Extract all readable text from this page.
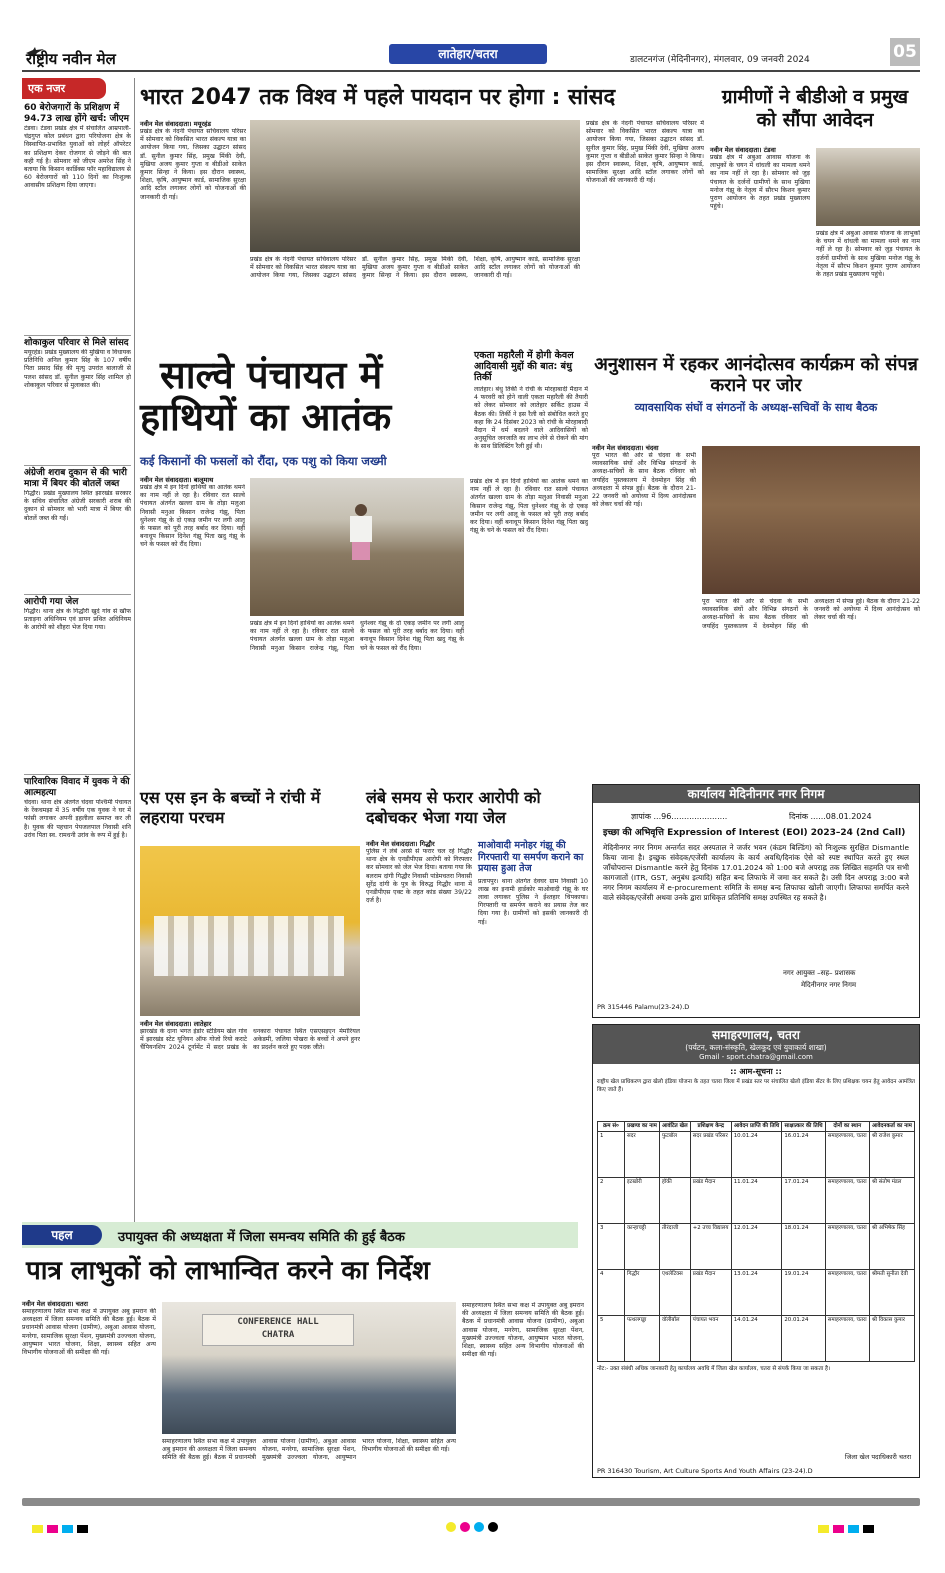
राष्ट्रीय नवीन मेल	लातेहार/चतरा	डालटनगंज (मेदिनीनगर), मंगलवार, 09 जनवरी 2024	05
एक नजर
60 बेरोजगारों के प्रशिक्षण में 94.73 लाख होंगे खर्च: जीएम
टंडवा। टंडवा प्रखंड क्षेत्र में संचालित आम्रपाली-चंद्रगुप्त कोल प्रबंधन द्वारा परियोजना क्षेत्र के विस्थापित-प्रभावित युवाओं को लोहर्र ऑपरेटर का प्रशिक्षण देकर रोजगार से जोड़ने की बात कही गई है। सोमवार को जीएम अमरेश सिंह ने बताया कि किसान कार्डिक्स फॉर महाविद्यालय से 60 बेरोजगारों को 110 दिनों का निःशुल्क आवासीय प्रशिक्षण दिया जाएगा।
शोकाकुल परिवार से मिले सांसद
मयूरहंड। प्रखंड मुख्यालय की मुखिया व विधायक प्रतिनिधि अनिल कुमार सिंह के 107 वर्षीय पिता प्रसाद सिंह की मृत्यु उपरांत बालाजी से पलश सांसद डॉ. सुनील कुमार सिंह शामिल हो शोकाकुल परिवार से मुलाकात की।
अंग्रेजी शराब दुकान से की भारी मात्रा में बियर की बोतलें जब्त
गिद्धौर। प्रखंड मुख्यालय स्थित झारखंड सरकार के सचिव संचालित अंग्रेजी सरकारी शराब की दुकान से सोमवार को भारी मात्रा में बियर की बोतलें जब्त की गईं।
आरोपी गया जेल
गिद्धौर। थाना क्षेत्र के गिद्धौरी खुर्द गांव से खौफ प्रताड़ना अधिनियम एवं डायन प्रथित अधिनियम के आरोपी को शौहरा भेज दिया गया।
पारिवारिक विवाद में युवक ने की आत्महत्या
चंदवा। थाना क्षेत्र अंतर्गत चंदवा पश्चिमी पंचायत के रेंकचमझा में 35 वर्षीय एक युवक ने घर में फांसी लगाकर अपनी इहलीला समाप्त कर ली है। युवक की पहचान पेयजलपाल निवासी शनि उरांव पिता स्व. रामधनी उरांव के रूप में हुई है।
भारत 2047 तक विश्व में पहले पायदान पर होगा : सांसद
नवीन मेल संवाददाता। मयूरहंड
प्रखंड क्षेत्र के नंदनी पंचायत सचिवालय परिसर में सोमवार को विकसित भारत संकल्प यात्रा का आयोजन किया गया, जिसका उद्घाटन सांसद डॉ. सुनील कुमार सिंह, प्रमुख मिंकी देवी, मुखिया अजय कुमार गुप्ता व बीडीओ साकेत कुमार सिन्हा ने किया। इस दौरान स्वास्थ्य, शिक्षा, कृषि, आयुष्मान कार्ड, सामाजिक सुरक्षा आदि स्टॉल लगाकर लोगों को योजनाओं की जानकारी दी गई।
प्रखंड क्षेत्र के नंदनी पंचायत सचिवालय परिसर में सोमवार को विकसित भारत संकल्प यात्रा का आयोजन किया गया, जिसका उद्घाटन सांसद डॉ. सुनील कुमार सिंह, प्रमुख मिंकी देवी, मुखिया अजय कुमार गुप्ता व बीडीओ साकेत कुमार सिन्हा ने किया। इस दौरान स्वास्थ्य, शिक्षा, कृषि, आयुष्मान कार्ड, सामाजिक सुरक्षा आदि स्टॉल लगाकर लोगों को योजनाओं की जानकारी दी गई।
प्रखंड क्षेत्र के नंदनी पंचायत सचिवालय परिसर में सोमवार को विकसित भारत संकल्प यात्रा का आयोजन किया गया, जिसका उद्घाटन सांसद डॉ. सुनील कुमार सिंह, प्रमुख मिंकी देवी, मुखिया अजय कुमार गुप्ता व बीडीओ साकेत कुमार सिन्हा ने किया। इस दौरान स्वास्थ्य, शिक्षा, कृषि, आयुष्मान कार्ड, सामाजिक सुरक्षा आदि स्टॉल लगाकर लोगों को योजनाओं की जानकारी दी गई।
ग्रामीणों ने बीडीओ व प्रमुख को सौंपा आवेदन
नवीन मेल संवाददाता। टंडवा
प्रखंड क्षेत्र में अबुआ आवास योजना के लाभुकों के चयन में धांधली का मामला थमने का नाम नहीं ले रहा है। सोमवार को जुड़ पंचायत के दर्जनों ग्रामीणों के साथ मुखिया मनोज गंझू के नेतृत्व में सौरभ किशन कुमार पुराण आयोजन के तहत प्रखंड मुख्यालय पहुंचे।
प्रखंड क्षेत्र में अबुआ आवास योजना के लाभुकों के चयन में धांधली का मामला थमने का नाम नहीं ले रहा है। सोमवार को जुड़ पंचायत के दर्जनों ग्रामीणों के साथ मुखिया मनोज गंझू के नेतृत्व में सौरभ किशन कुमार पुराण आयोजन के तहत प्रखंड मुख्यालय पहुंचे।
साल्वे पंचायत में
हाथियों का आतंक
कई किसानों की फसलों को रौंदा, एक पशु को किया जख्मी
नवीन मेल संवाददाता। बालूमाथ
प्रखंड क्षेत्र में इन दिनों हाथियों का आतंक थमने का नाम नहीं ले रहा है। रविवार रात साल्वे पंचायत अंतर्गत खल्ला ग्राम के तोड़ा मलुआ निवासी मनुआ किसान राजेन्द्र गंझू, पिता धुनेश्वर गंझू के दो एकड़ जमीन पर लगी आलू के फसल को पूरी तरह बर्बाद कर दिया। वहीं बनाधूप किसान दिनेश गंझू पिता खदु गंझू के चने के फसल को रौंद दिया।
प्रखंड क्षेत्र में इन दिनों हाथियों का आतंक थमने का नाम नहीं ले रहा है। रविवार रात साल्वे पंचायत अंतर्गत खल्ला ग्राम के तोड़ा मलुआ निवासी मनुआ किसान राजेन्द्र गंझू, पिता धुनेश्वर गंझू के दो एकड़ जमीन पर लगी आलू के फसल को पूरी तरह बर्बाद कर दिया। वहीं बनाधूप किसान दिनेश गंझू पिता खदु गंझू के चने के फसल को रौंद दिया।
प्रखंड क्षेत्र में इन दिनों हाथियों का आतंक थमने का नाम नहीं ले रहा है। रविवार रात साल्वे पंचायत अंतर्गत खल्ला ग्राम के तोड़ा मलुआ निवासी मनुआ किसान राजेन्द्र गंझू, पिता धुनेश्वर गंझू के दो एकड़ जमीन पर लगी आलू के फसल को पूरी तरह बर्बाद कर दिया। वहीं बनाधूप किसान दिनेश गंझू पिता खदु गंझू के चने के फसल को रौंद दिया।
एकता महारैली में होगी केवल आदिवासी मुद्दों की बात: बंधु तिर्की
लातेहार। बंधु तिर्की ने रांची के मोरहाबादी मैदान में 4 फरवरी को होने वाली एकता महारैली की तैयारी को लेकर सोमवार को लातेहार सर्किट हाउस में बैठक की। तिर्की ने इस रैली को संबोधित करते हुए कहा कि 24 दिसंबर 2023 को रांची के मोरहाबादी मैदान में धर्म बदलने वाले आदिवासियों को अनुसूचित जनजाति का लाभ लेने से रोकने की मांग के साथ डिलिस्टिंग रैली हुई थी।
अनुशासन में रहकर आनंदोत्सव कार्यक्रम को संपन्न कराने पर जोर
व्यावसायिक संघों व संगठनों के अध्यक्ष-सचिवों के साथ बैठक
नवीन मेल संवाददाता। चंदवा
पूरा भारत की ओर से चंदवा के सभी व्यावसायिक संघों और विभिन्न संगठनों के अध्यक्ष-सचिवों के साथ बैठक रविवार को जयहिंद पुस्तकालय में देवमोहन सिंह की अध्यक्षता में संपन्न हुई। बैठक के दौरान 21-22 जनवरी को अयोध्या में दिव्य आनंदोत्सव को लेकर चर्चा की गई।
पूरा भारत की ओर से चंदवा के सभी व्यावसायिक संघों और विभिन्न संगठनों के अध्यक्ष-सचिवों के साथ बैठक रविवार को जयहिंद पुस्तकालय में देवमोहन सिंह की अध्यक्षता में संपन्न हुई। बैठक के दौरान 21-22 जनवरी को अयोध्या में दिव्य आनंदोत्सव को लेकर चर्चा की गई।
एस एस इन के बच्चों ने रांची में लहराया परचम
नवीन मेल संवाददाता। लातेहार
झारखंड के दाना भगत इंडोर स्टेडियम खेल गांव में झारखंड स्टेट यूनियन ऑफ गोजो रियो कराटे चैंपियनशिप 2024 टूर्नामेंट में सदर प्रखंड के धनकारा पंचायत स्थित एसएसइएन मेमोरियल अकेडमी, जलिया पोखरा के बच्चों ने अपने हुनर का प्रदर्शन करते हुए पदक जीते।
लंबे समय से फरार आरोपी को दबोचकर भेजा गया जेल
नवीन मेल संवाददाता। गिद्धौर
पुलिस ने लंबे अरसे से फरार चल रहे गिद्धौर थाना क्षेत्र के एनडीपीएस आरोपी को गिरफ्तार कर सोमवार को जेल भेज दिया। बताया गया कि बलराम दांगी गिद्धौर निवासी पांडेमचतरा निवासी सुरेंद्र दांगी के पुत्र के विरुद्ध गिद्धौर थाना में एनडीपीएस एक्ट के तहत कांड संख्या 39/22 दर्ज है।
माओवादी मनोहर गंझू की गिरफ्तारी या समर्पण कराने का प्रयास हुआ तेज
प्रतापपुर। थाना अंतर्गत देवघर ग्राम निवासी 10 लाख का इनामी हार्डकोर माओवादी गंझू के घर लावा लगाकर पुलिस ने ईश्तहार चिपकाया। गिरफ्तारी या समर्पण कराने का प्रयास तेज कर दिया गया है। ग्रामीणों को इसकी जानकारी दी गई।
कार्यालय मेदिनीनगर नगर निगम
ज्ञापांक ...96......................	दिनांक ......08.01.2024
इच्छा की अभिवृत्ति Expression of Interest (EOI) 2023–24 (2nd Call)
मेदिनीनगर नगर निगम अन्तर्गत सदर अस्पताल ने जर्जर भवन (कंडम बिल्डिंग) को निःशुल्क सुरक्षित Dismantle किया जाना है। इच्छुक संवेदक/एजेंसी कार्यालय के कार्य अवधि/दिनांक ऐसे को स्पष्ट स्थापित करते हुए स्थल जाँचोपरान्त Dismantle करने हेतु दिनांक 17.01.2024 को 1:00 बजे अपराह्न तक लिखित सहमति पत्र सभी कागजातों (ITR, GST, अनुबंध इत्यादि) सहित बन्द लिफाफे में जमा कर सकते है। उसी दिन अपराह्न 3:00 बजे नगर निगम कार्यालय में e-procurement समिति के समक्ष बन्द लिफाफा खोली जाएगी। लिफाफा समर्पित करने वाले संवेदक/एजेंसी अथवा उनके द्वारा प्राधिकृत प्रतिनिधि समक्ष उपस्थित रह सकते है।
नगर आयुक्त –सह– प्रशासक
मेदिनीनगर नगर निगम
PR 315446 Palamu(23-24).D
समाहरणालय, चतरा
(पर्यटन, कला-संस्कृति, खेलकूद एवं युवाकार्य शाखा)
Gmail - sport.chatra@gmail.com
:: आम-सूचना ::
राष्ट्रीय खेल प्राधिकरण द्वारा खेलो इंडिया योजना के तहत चतरा जिला में प्रखंड स्तर पर संचालित खेलो इंडिया सेंटर के लिए प्रशिक्षक चयन हेतु आवेदन आमंत्रित किए जाते हैं।
क्रम सं०	प्रखण्ड का नाम	आवंटित खेल	प्रशिक्षण केन्द्र	आवेदन प्राप्ति की तिथि	साक्षात्कार की तिथि	दोनों का स्थान	आवेदनकर्ता का नाम
1	सदर	फुटबॉल	सदर प्रखंड परिसर	10.01.24	16.01.24	समाहरणालय, चतरा	श्री राजेश कुमार
2	इटखोरी	हॉकी	प्रखंड मैदान	11.01.24	17.01.24	समाहरणालय, चतरा	श्री संतोष मंडल
3	कान्हाचट्टी	तीरंदाजी	+2 उच्च विद्यालय	12.01.24	18.01.24	समाहरणालय, चतरा	श्री अभिषेक सिंह
4	गिद्धौर	एथलेटिक्स	प्रखंड मैदान	13.01.24	19.01.24	समाहरणालय, चतरा	श्रीमती सुनीता देवी
5	पत्थलगड्डा	वॉलीबॉल	पंचायत भवन	14.01.24	20.01.24	समाहरणालय, चतरा	श्री विकास कुमार
नोट:- उक्त संबंधी अधिक जानकारी हेतु कार्यालय अवधि में जिला खेल कार्यालय, चतरा से संपर्क किया जा सकता है।
जिला खेल पदाधिकारी चतरा
PR 316430 Tourism, Art Culture Sports And Youth Affairs (23-24).D
पहल	उपायुक्त की अध्यक्षता में जिला समन्वय समिति की हुई बैठक
पात्र लाभुकों को लाभान्वित करने का निर्देश
नवीन मेल संवाददाता। चतरा
समाहरणालय स्थित सभा कक्ष में उपायुक्त अबु इमरान की अध्यक्षता में जिला समन्वय समिति की बैठक हुई। बैठक में प्रधानमंत्री आवास योजना (ग्रामीण), अबुआ आवास योजना, मनरेगा, सामाजिक सुरक्षा पेंशन, मुख्यमंत्री उज्ज्वला योजना, आयुष्मान भारत योजना, शिक्षा, स्वास्थ्य सहित अन्य विभागीय योजनाओं की समीक्षा की गई।
CONFERENCE HALL
CHATRA
समाहरणालय स्थित सभा कक्ष में उपायुक्त अबु इमरान की अध्यक्षता में जिला समन्वय समिति की बैठक हुई। बैठक में प्रधानमंत्री आवास योजना (ग्रामीण), अबुआ आवास योजना, मनरेगा, सामाजिक सुरक्षा पेंशन, मुख्यमंत्री उज्ज्वला योजना, आयुष्मान भारत योजना, शिक्षा, स्वास्थ्य सहित अन्य विभागीय योजनाओं की समीक्षा की गई।
समाहरणालय स्थित सभा कक्ष में उपायुक्त अबु इमरान की अध्यक्षता में जिला समन्वय समिति की बैठक हुई। बैठक में प्रधानमंत्री आवास योजना (ग्रामीण), अबुआ आवास योजना, मनरेगा, सामाजिक सुरक्षा पेंशन, मुख्यमंत्री उज्ज्वला योजना, आयुष्मान भारत योजना, शिक्षा, स्वास्थ्य सहित अन्य विभागीय योजनाओं की समीक्षा की गई।
